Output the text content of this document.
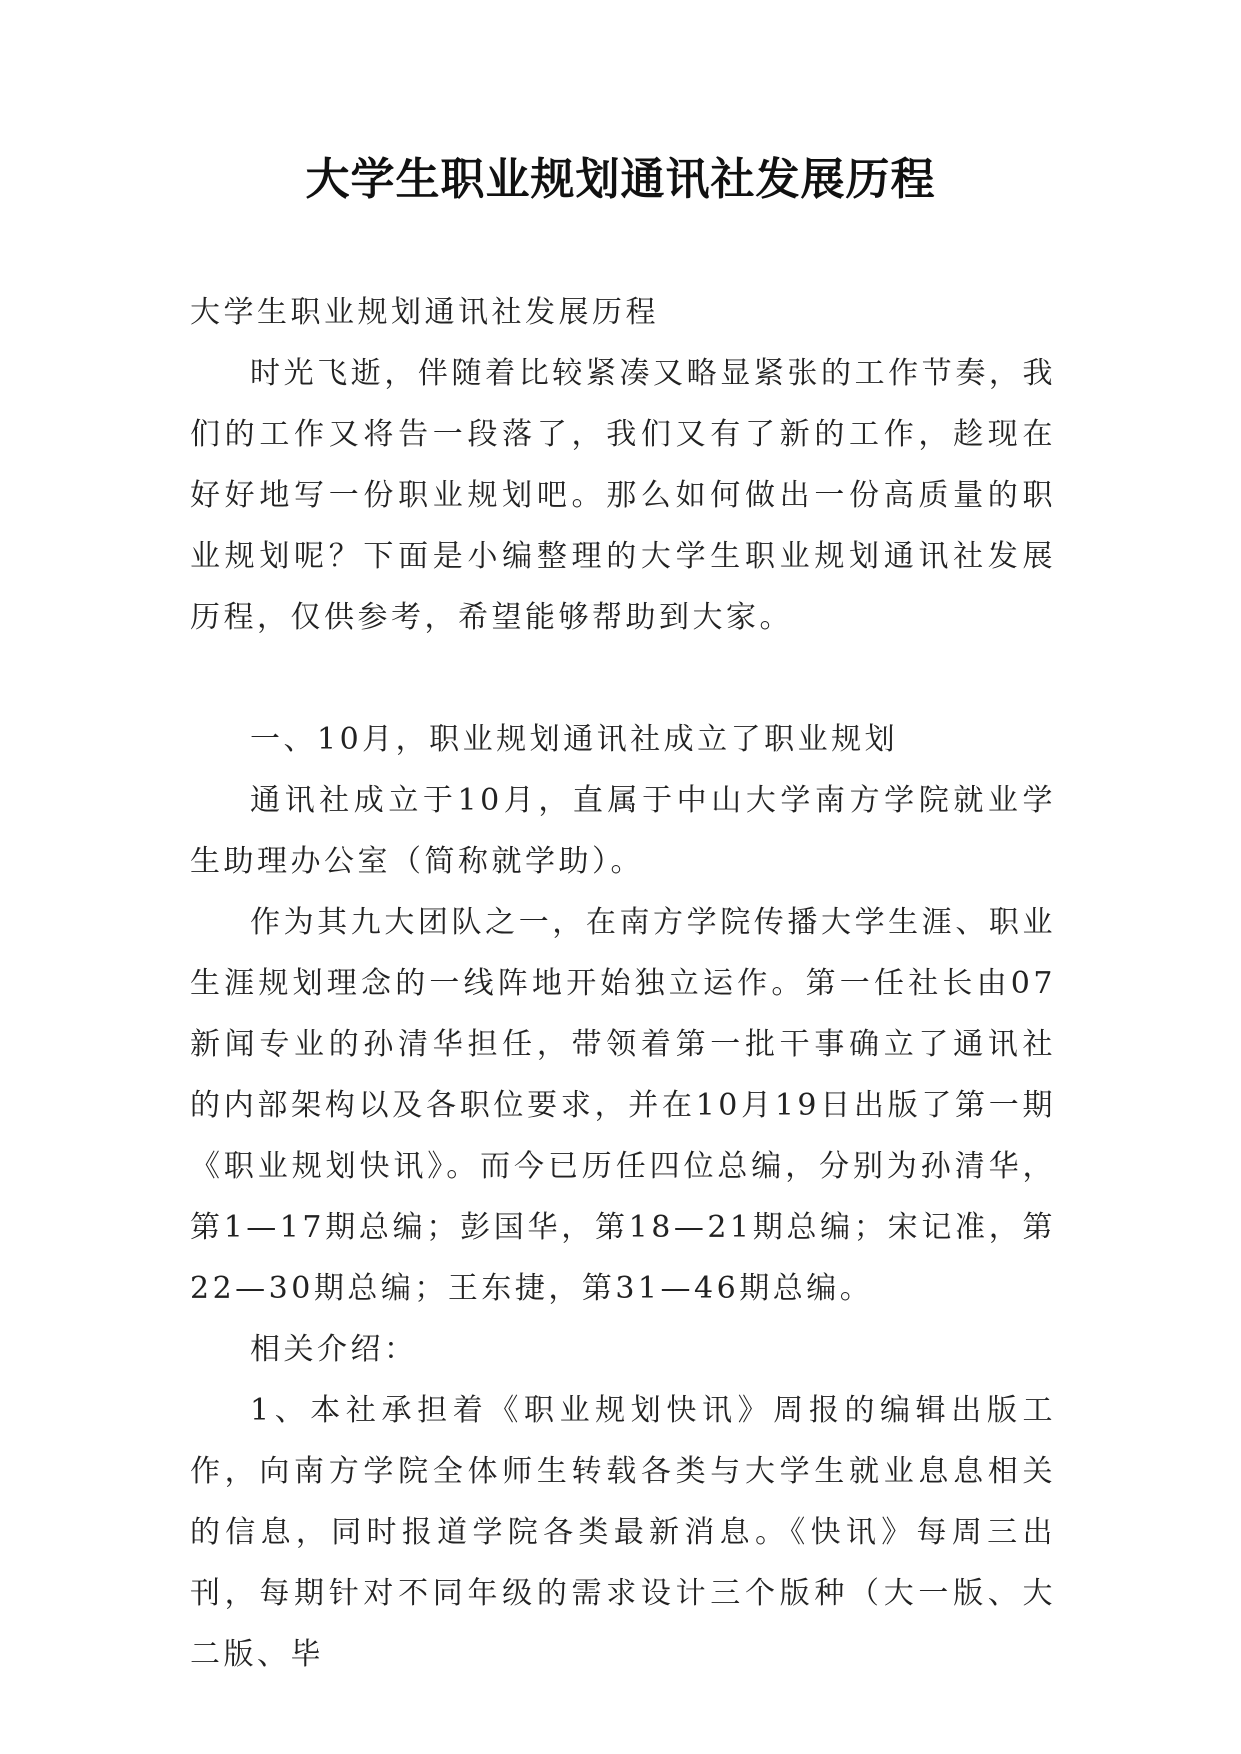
大学生职业规划通讯社发展历程

大学生职业规划通讯社发展历程

时光飞逝，伴随着比较紧凑又略显紧张的工作节奏，我们的工作又将告一段落了，我们又有了新的工作，趁现在好好地写一份职业规划吧。那么如何做出一份高质量的职业规划呢？下面是小编整理的大学生职业规划通讯社发展历程，仅供参考，希望能够帮助到大家。

一、10月，职业规划通讯社成立了职业规划

通讯社成立于10月，直属于中山大学南方学院就业学生助理办公室（简称就学助）。

作为其九大团队之一，在南方学院传播大学生涯、职业生涯规划理念的一线阵地开始独立运作。第一任社长由07新闻专业的孙清华担任，带领着第一批干事确立了通讯社的内部架构以及各职位要求，并在10月19日出版了第一期《职业规划快讯》。而今已历任四位总编，分别为孙清华，第1—17期总编；彭国华，第18—21期总编；宋记准，第22—30期总编；王东捷，第31—46期总编。

相关介绍：

1、本社承担着《职业规划快讯》周报的编辑出版工作，向南方学院全体师生转载各类与大学生就业息息相关的信息，同时报道学院各类最新消息。《快讯》每周三出刊，每期针对不同年级的需求设计三个版种（大一版、大二版、毕
